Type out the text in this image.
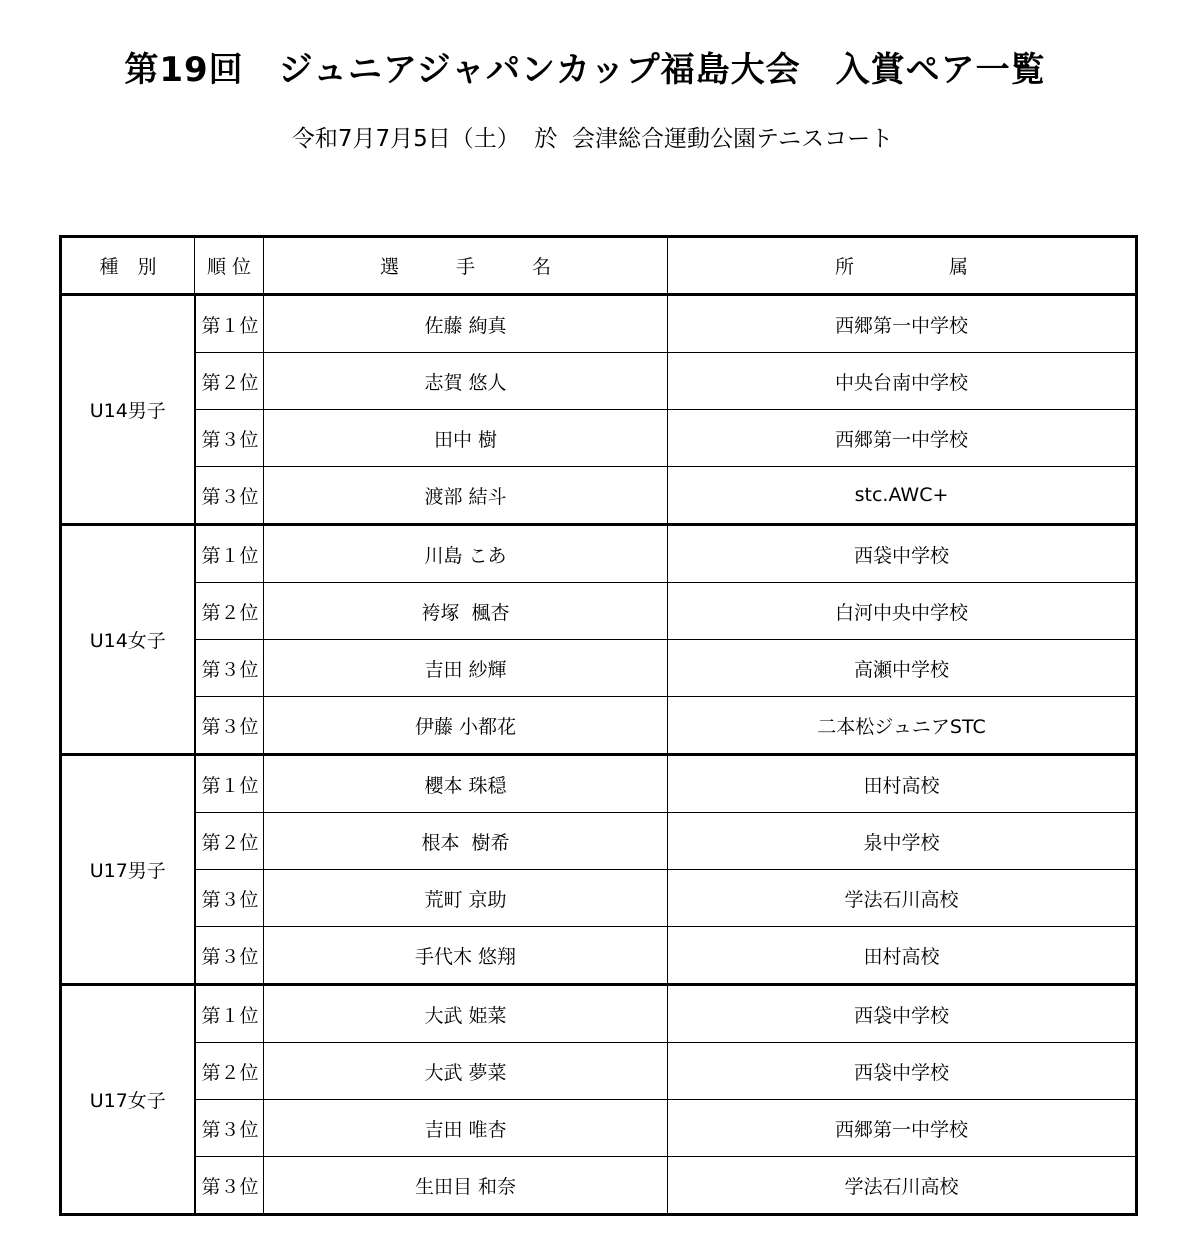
第19回　ジュニアジャパンカップ福島大会　入賞ペア一覧
令和7月7月5日（土）  於  会津総合運動公園テニスコート
種　別	順 位	選　　　手　　　名	所　　　　　属
U14男子	第１位	佐藤 絢真	西郷第一中学校
	第２位	志賀 悠人	中央台南中学校
	第３位	田中 樹	西郷第一中学校
	第３位	渡部 結斗	stc.AWC+
U14女子	第１位	川島 こあ	西袋中学校
	第２位	袴塚  楓杏	白河中央中学校
	第３位	吉田 紗輝	高瀬中学校
	第３位	伊藤 小都花	二本松ジュニアSTC
U17男子	第１位	櫻本 珠穏	田村高校
	第２位	根本  樹希	泉中学校
	第３位	荒町 京助	学法石川高校
	第３位	手代木 悠翔	田村高校
U17女子	第１位	大武 姫菜	西袋中学校
	第２位	大武 夢菜	西袋中学校
	第３位	吉田 唯杏	西郷第一中学校
	第３位	生田目 和奈	学法石川高校
